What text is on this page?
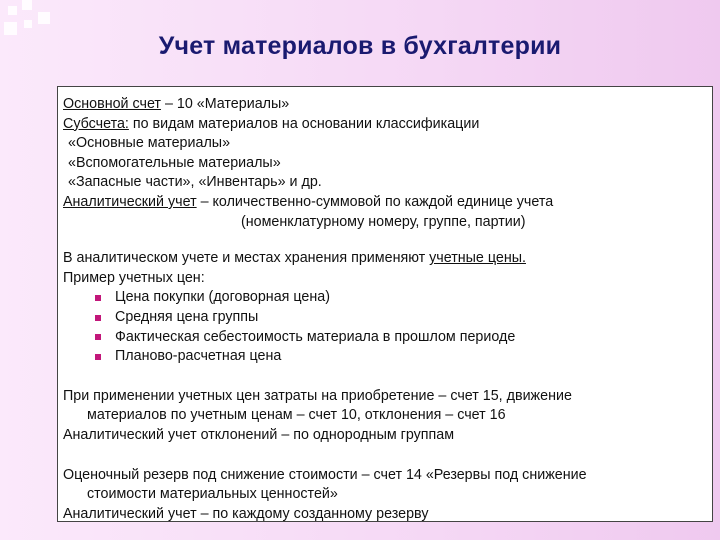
Учет материалов в бухгалтерии
Основной счет – 10 «Материалы»
Субсчета: по видам материалов на основании классификации
«Основные материалы»
«Вспомогательные материалы»
«Запасные части», «Инвентарь» и др.
Аналитический учет – количественно-суммовой по каждой единице учета
(номенклатурному номеру, группе, партии)
В аналитическом учете и местах хранения применяют учетные цены.
Пример учетных цен:
Цена покупки (договорная цена)
Средняя цена группы
Фактическая себестоимость материала в прошлом периоде
Планово-расчетная цена
При применении учетных цен затраты на приобретение – счет 15, движение
материалов по учетным ценам – счет 10, отклонения – счет 16
Аналитический учет отклонений – по однородным группам
Оценочный резерв под снижение стоимости – счет 14 «Резервы под снижение
стоимости материальных ценностей»
Аналитический учет – по каждому созданному резерву
